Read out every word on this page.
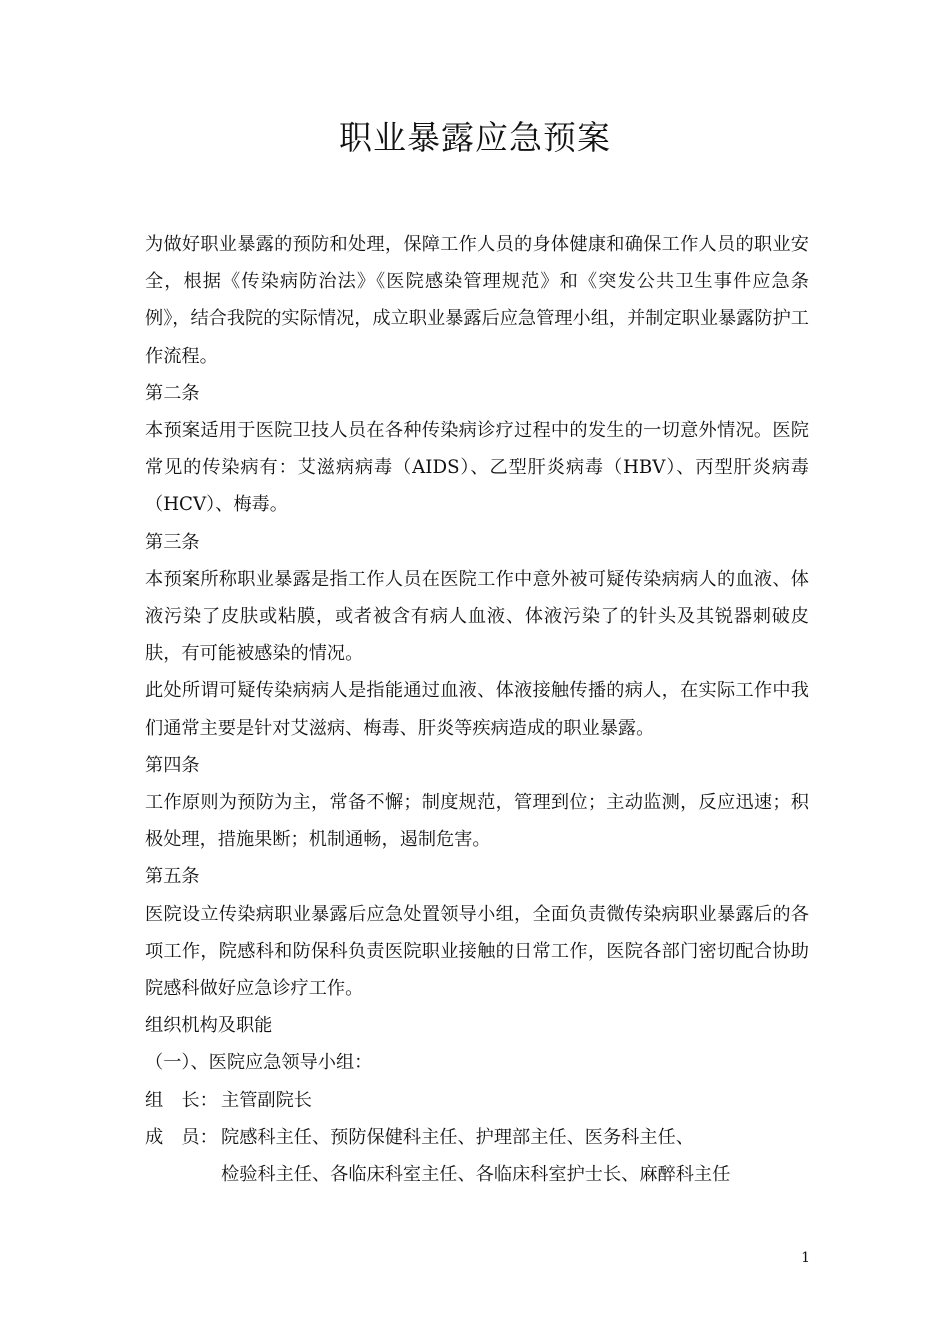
职业暴露应急预案

为做好职业暴露的预防和处理，保障工作人员的身体健康和确保工作人员的职业安全，根据《传染病防治法》《医院感染管理规范》和《突发公共卫生事件应急条例》，结合我院的实际情况，成立职业暴露后应急管理小组，并制定职业暴露防护工作流程。

第二条

本预案适用于医院卫技人员在各种传染病诊疗过程中的发生的一切意外情况。医院常见的传染病有：艾滋病病毒（AIDS）、乙型肝炎病毒（HBV）、丙型肝炎病毒（HCV）、梅毒。

第三条

本预案所称职业暴露是指工作人员在医院工作中意外被可疑传染病病人的血液、体液污染了皮肤或粘膜，或者被含有病人血液、体液污染了的针头及其锐器刺破皮肤，有可能被感染的情况。

此处所谓可疑传染病病人是指能通过血液、体液接触传播的病人，在实际工作中我们通常主要是针对艾滋病、梅毒、肝炎等疾病造成的职业暴露。

第四条

工作原则为预防为主，常备不懈；制度规范，管理到位；主动监测，反应迅速；积极处理，措施果断；机制通畅，遏制危害。

第五条

医院设立传染病职业暴露后应急处置领导小组，全面负责微传染病职业暴露后的各项工作，院感科和防保科负责医院职业接触的日常工作，医院各部门密切配合协助院感科做好应急诊疗工作。

组织机构及职能

（一）、医院应急领导小组：

组　长： 主管副院长
成　员： 院感科主任、预防保健科主任、护理部主任、医务科主任、
检验科主任、各临床科室主任、各临床科室护士长、麻醉科主任
1
